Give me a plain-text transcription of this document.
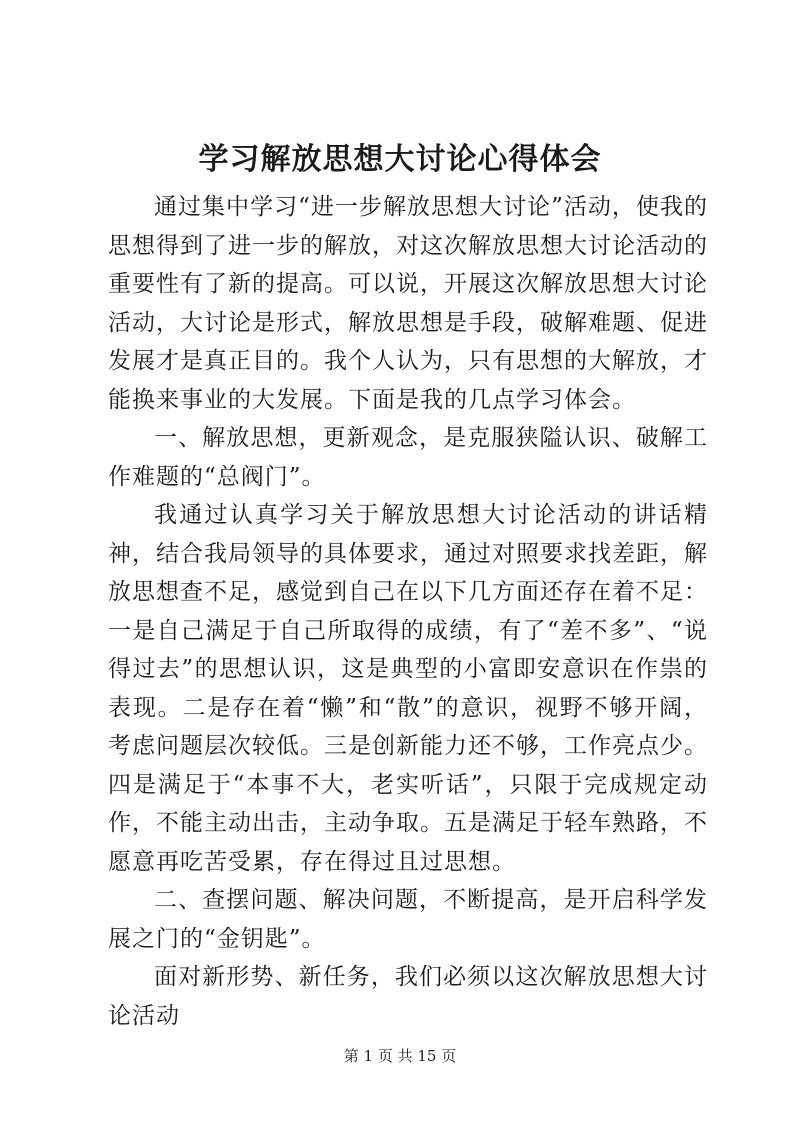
学习解放思想大讨论心得体会

通过集中学习“进一步解放思想大讨论”活动，使我的思想得到了进一步的解放，对这次解放思想大讨论活动的重要性有了新的提高。可以说，开展这次解放思想大讨论活动，大讨论是形式，解放思想是手段，破解难题、促进发展才是真正目的。我个人认为，只有思想的大解放，才能换来事业的大发展。下面是我的几点学习体会。

一、解放思想，更新观念，是克服狭隘认识、破解工作难题的“总阀门”。

我通过认真学习关于解放思想大讨论活动的讲话精神，结合我局领导的具体要求，通过对照要求找差距，解放思想查不足，感觉到自己在以下几方面还存在着不足：一是自己满足于自己所取得的成绩，有了“差不多”、“说得过去”的思想认识，这是典型的小富即安意识在作祟的表现。二是存在着“懒”和“散”的意识，视野不够开阔，考虑问题层次较低。三是创新能力还不够，工作亮点少。四是满足于“本事不大，老实听话”，只限于完成规定动作，不能主动出击，主动争取。五是满足于轻车熟路，不愿意再吃苦受累，存在得过且过思想。

二、查摆问题、解决问题，不断提高，是开启科学发展之门的“金钥匙”。

面对新形势、新任务，我们必须以这次解放思想大讨论活动

第 1 页 共 15 页
